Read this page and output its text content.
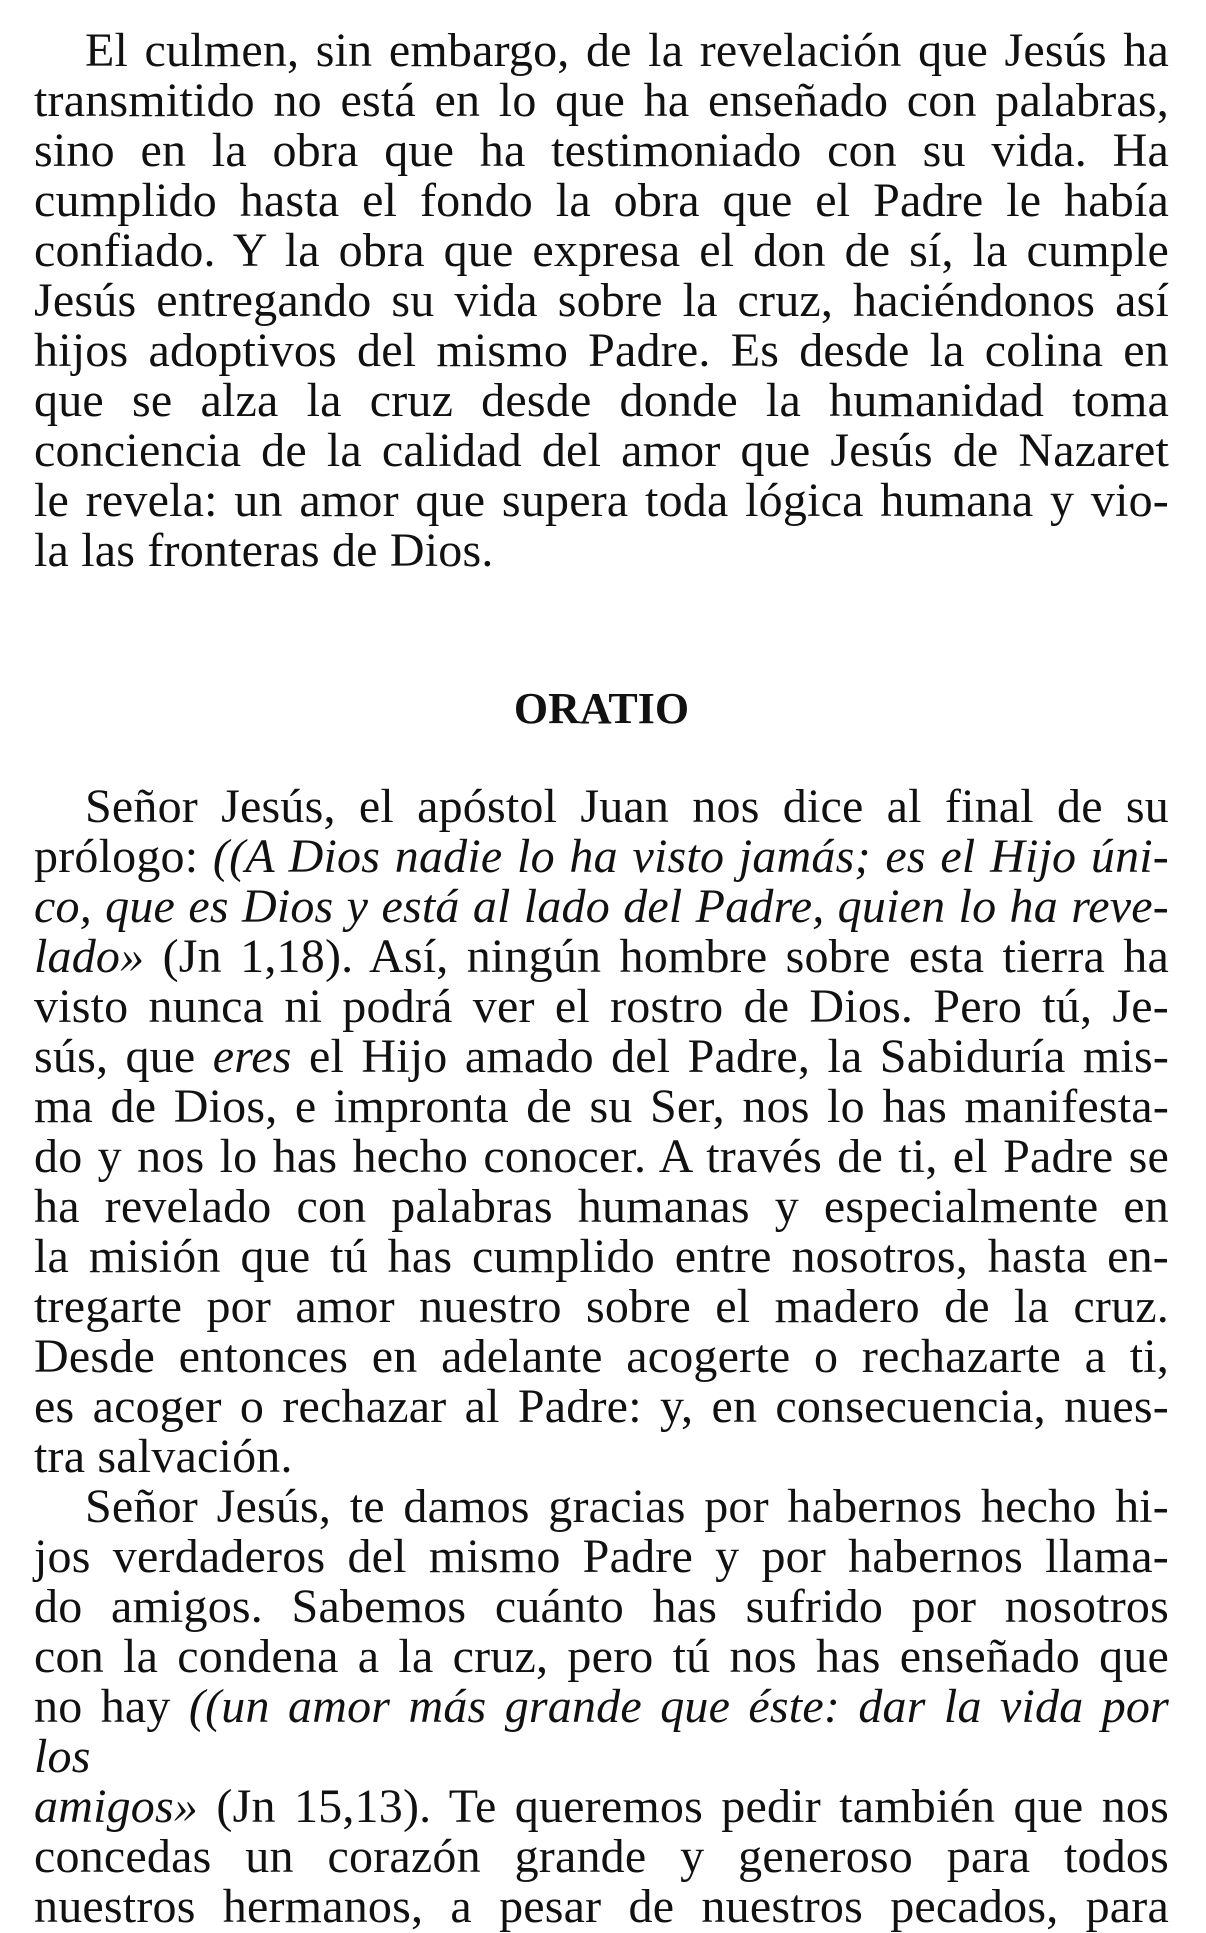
El culmen, sin embargo, de la revelación que Jesús ha
transmitido no está en lo que ha enseñado con palabras,
sino en la obra que ha testimoniado con su vida. Ha
cumplido hasta el fondo la obra que el Padre le había
confiado. Y la obra que expresa el don de sí, la cumple
Jesús entregando su vida sobre la cruz, haciéndonos así
hijos adoptivos del mismo Padre. Es desde la colina en
que se alza la cruz desde donde la humanidad toma
conciencia de la calidad del amor que Jesús de Nazaret
le revela: un amor que supera toda lógica humana y vio-
la las fronteras de Dios.
ORATIO
Señor Jesús, el apóstol Juan nos dice al final de su
prólogo: ((A Dios nadie lo ha visto jamás; es el Hijo úni-
co, que es Dios y está al lado del Padre, quien lo ha reve-
lado» (Jn 1,18). Así, ningún hombre sobre esta tierra ha
visto nunca ni podrá ver el rostro de Dios. Pero tú, Je-
sús, que eres el Hijo amado del Padre, la Sabiduría mis-
ma de Dios, e impronta de su Ser, nos lo has manifesta-
do y nos lo has hecho conocer. A través de ti, el Padre se
ha revelado con palabras humanas y especialmente en
la misión que tú has cumplido entre nosotros, hasta en-
tregarte por amor nuestro sobre el madero de la cruz.
Desde entonces en adelante acogerte o rechazarte a ti,
es acoger o rechazar al Padre: y, en consecuencia, nues-
tra salvación.
Señor Jesús, te damos gracias por habernos hecho hi-
jos verdaderos del mismo Padre y por habernos llama-
do amigos. Sabemos cuánto has sufrido por nosotros
con la condena a la cruz, pero tú nos has enseñado que
no hay ((un amor más grande que éste: dar la vida por los
amigos» (Jn 15,13). Te queremos pedir también que nos
concedas un corazón grande y generoso para todos
nuestros hermanos, a pesar de nuestros pecados, para
